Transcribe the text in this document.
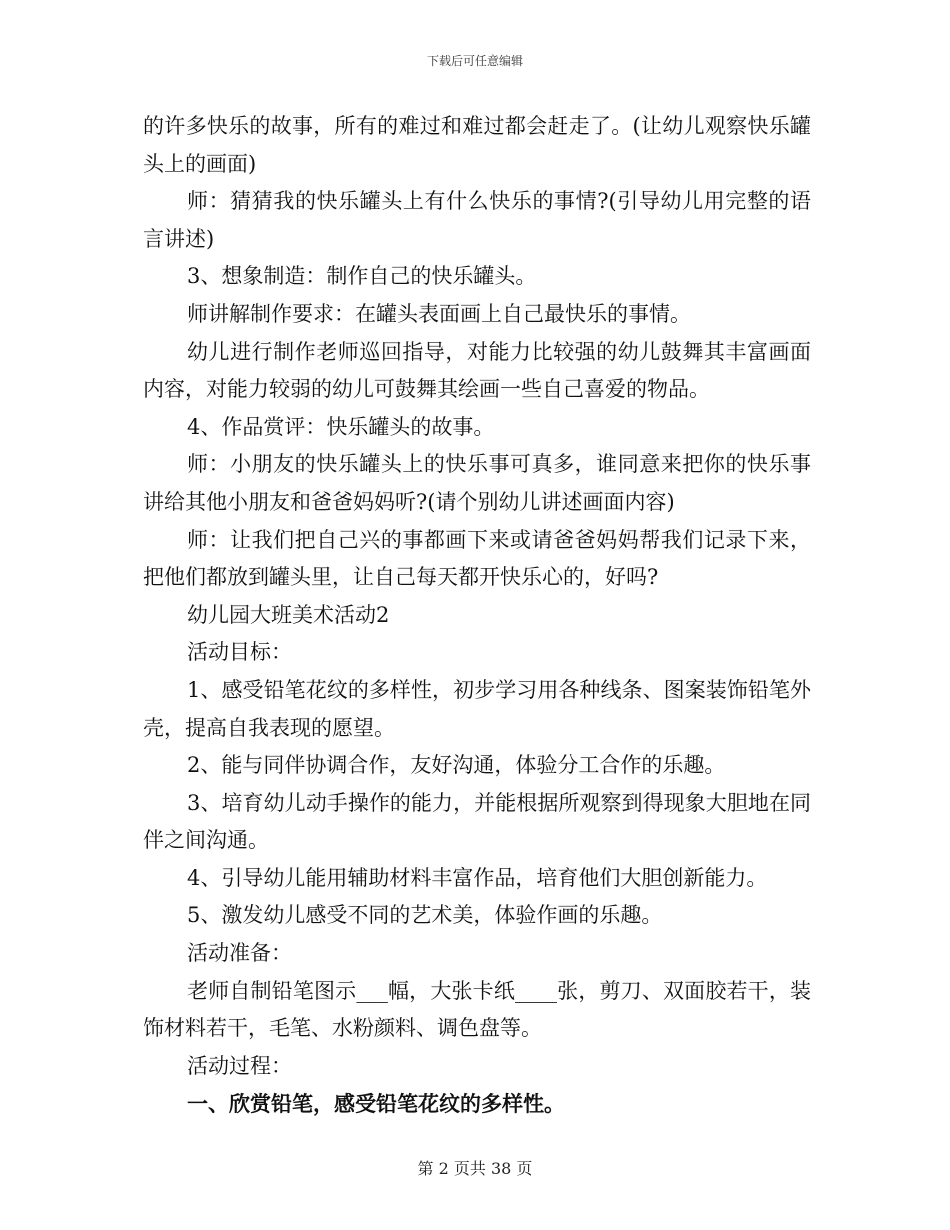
下载后可任意编辑

的许多快乐的故事，所有的难过和难过都会赶走了。(让幼儿观察快乐罐头上的画面)

师：猜猜我的快乐罐头上有什么快乐的事情?(引导幼儿用完整的语言讲述)

3、想象制造：制作自己的快乐罐头。

师讲解制作要求：在罐头表面画上自己最快乐的事情。

幼儿进行制作老师巡回指导，对能力比较强的幼儿鼓舞其丰富画面内容，对能力较弱的幼儿可鼓舞其绘画一些自己喜爱的物品。

4、作品赏评：快乐罐头的故事。

师：小朋友的快乐罐头上的快乐事可真多，谁同意来把你的快乐事讲给其他小朋友和爸爸妈妈听?(请个别幼儿讲述画面内容)

师：让我们把自己兴的事都画下来或请爸爸妈妈帮我们记录下来，把他们都放到罐头里，让自己每天都开快乐心的，好吗?

幼儿园大班美术活动2

活动目标：

1、感受铅笔花纹的多样性，初步学习用各种线条、图案装饰铅笔外壳，提高自我表现的愿望。

2、能与同伴协调合作，友好沟通，体验分工合作的乐趣。

3、培育幼儿动手操作的能力，并能根据所观察到得现象大胆地在同伴之间沟通。

4、引导幼儿能用辅助材料丰富作品，培育他们大胆创新能力。

5、激发幼儿感受不同的艺术美，体验作画的乐趣。

活动准备：

老师自制铅笔图示___幅，大张卡纸____张，剪刀、双面胶若干，装饰材料若干，毛笔、水粉颜料、调色盘等。

活动过程：

一、欣赏铅笔，感受铅笔花纹的多样性。

第 2 页共 38 页
